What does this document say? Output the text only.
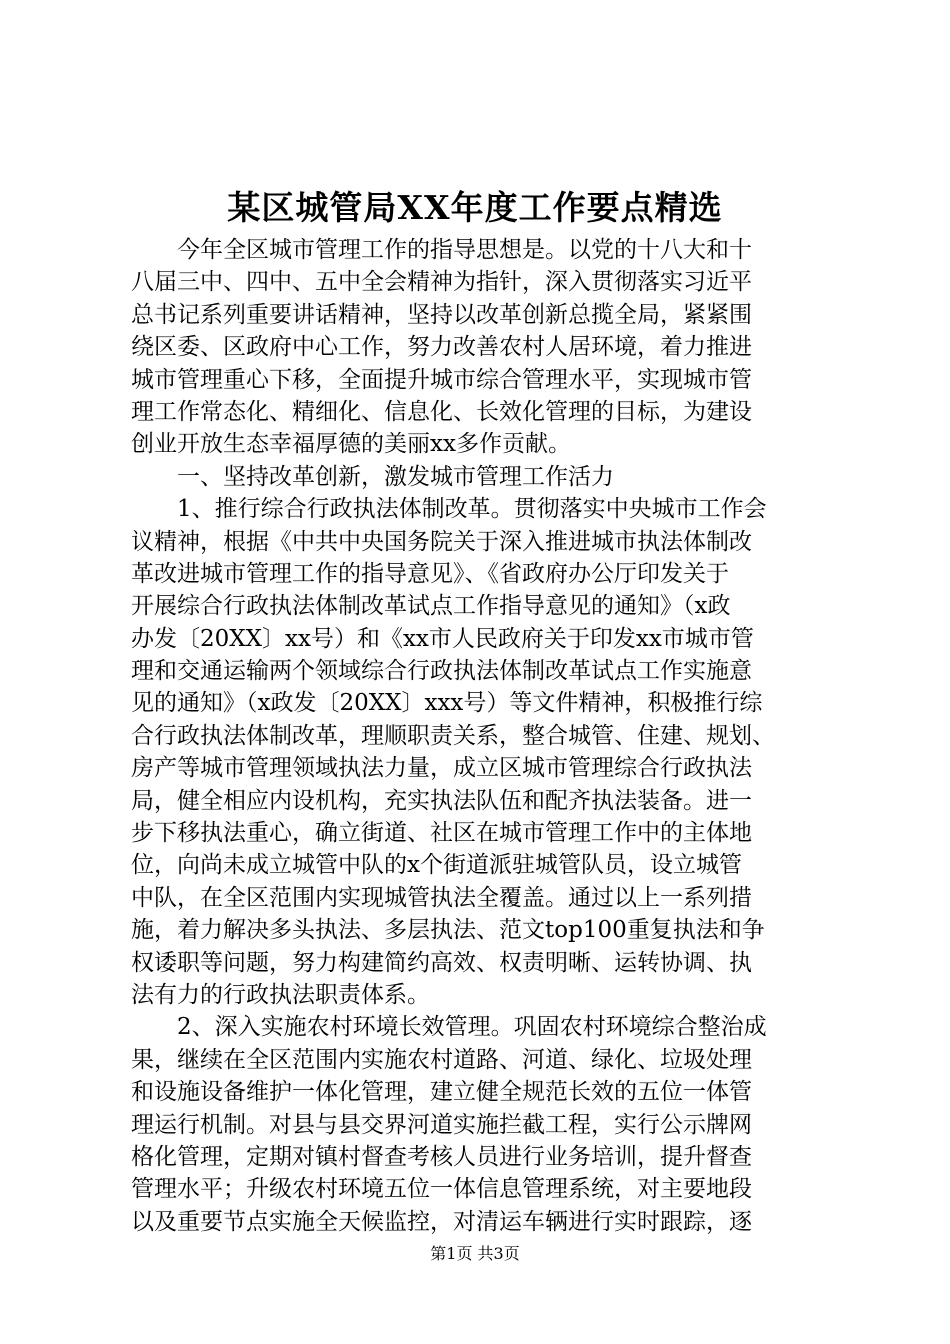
某区城管局XX年度工作要点精选
今年全区城市管理工作的指导思想是。以党的十八大和十
八届三中、四中、五中全会精神为指针，深入贯彻落实习近平
总书记系列重要讲话精神，坚持以改革创新总揽全局，紧紧围
绕区委、区政府中心工作，努力改善农村人居环境，着力推进
城市管理重心下移，全面提升城市综合管理水平，实现城市管
理工作常态化、精细化、信息化、长效化管理的目标，为建设
创业开放生态幸福厚德的美丽xx多作贡献。
一、坚持改革创新，激发城市管理工作活力
1、推行综合行政执法体制改革。贯彻落实中央城市工作会
议精神，根据《中共中央国务院关于深入推进城市执法体制改
革改进城市管理工作的指导意见》、《省政府办公厅印发关于
开展综合行政执法体制改革试点工作指导意见的通知》（x政
办发〔20XX〕xx号）和《xx市人民政府关于印发xx市城市管
理和交通运输两个领域综合行政执法体制改革试点工作实施意
见的通知》（x政发〔20XX〕xxx号）等文件精神，积极推行综
合行政执法体制改革，理顺职责关系，整合城管、住建、规划、
房产等城市管理领域执法力量，成立区城市管理综合行政执法
局，健全相应内设机构，充实执法队伍和配齐执法装备。进一
步下移执法重心，确立街道、社区在城市管理工作中的主体地
位，向尚未成立城管中队的x个街道派驻城管队员，设立城管
中队，在全区范围内实现城管执法全覆盖。通过以上一系列措
施，着力解决多头执法、多层执法、范文top100重复执法和争
权诿职等问题，努力构建简约高效、权责明晰、运转协调、执
法有力的行政执法职责体系。
2、深入实施农村环境长效管理。巩固农村环境综合整治成
果，继续在全区范围内实施农村道路、河道、绿化、垃圾处理
和设施设备维护一体化管理，建立健全规范长效的五位一体管
理运行机制。对县与县交界河道实施拦截工程，实行公示牌网
格化管理，定期对镇村督查考核人员进行业务培训，提升督查
管理水平；升级农村环境五位一体信息管理系统，对主要地段
以及重要节点实施全天候监控，对清运车辆进行实时跟踪，逐
第1页 共3页
